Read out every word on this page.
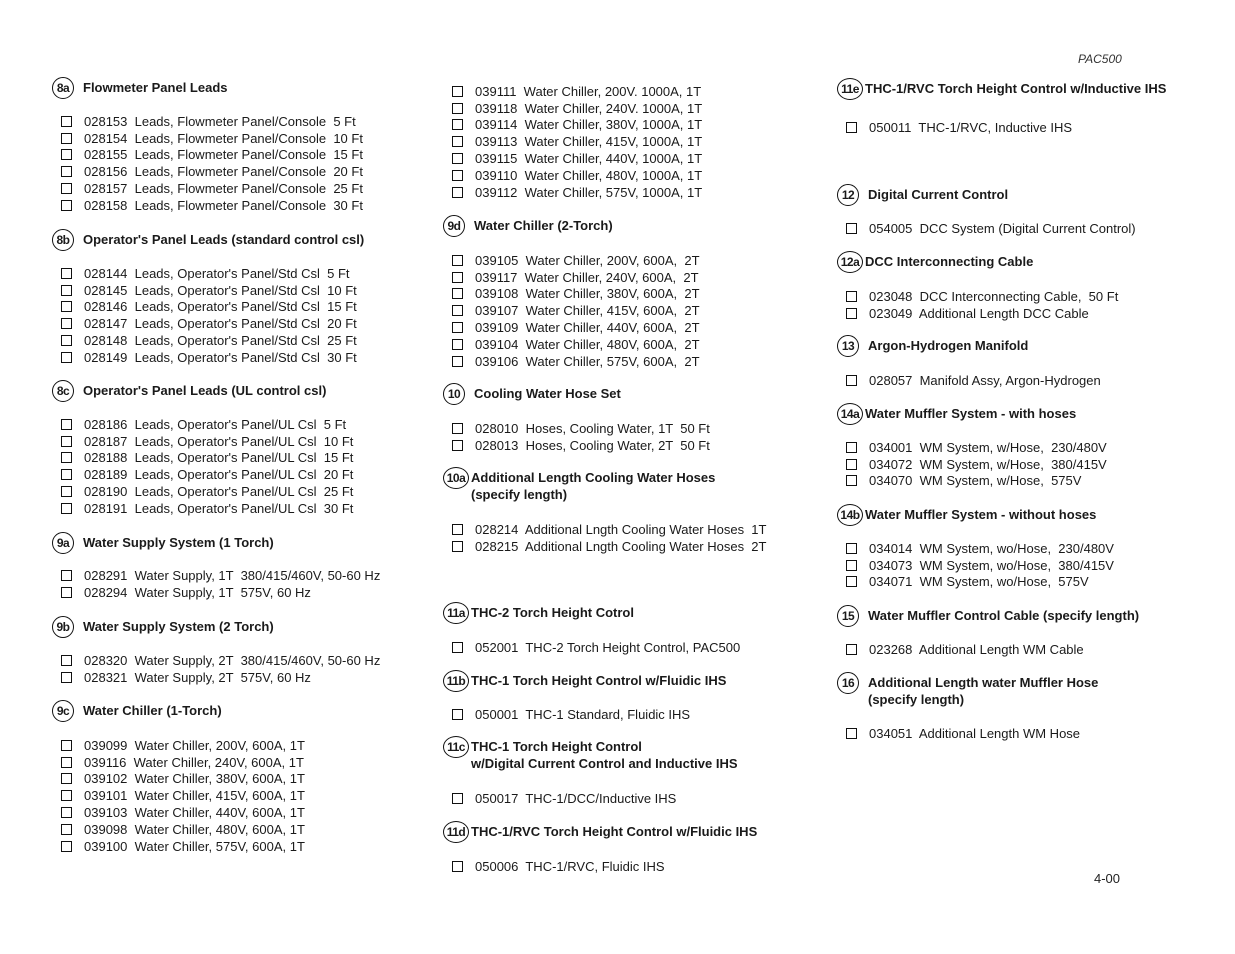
PAC500
8a	Flowmeter Panel Leads
028153  Leads, Flowmeter Panel/Console  5 Ft
028154  Leads, Flowmeter Panel/Console  10 Ft
028155  Leads, Flowmeter Panel/Console  15 Ft
028156  Leads, Flowmeter Panel/Console  20 Ft
028157  Leads, Flowmeter Panel/Console  25 Ft
028158  Leads, Flowmeter Panel/Console  30 Ft
8b	Operator's Panel Leads (standard control csl)
028144  Leads, Operator's Panel/Std Csl  5 Ft
028145  Leads, Operator's Panel/Std Csl  10 Ft
028146  Leads, Operator's Panel/Std Csl  15 Ft
028147  Leads, Operator's Panel/Std Csl  20 Ft
028148  Leads, Operator's Panel/Std Csl  25 Ft
028149  Leads, Operator's Panel/Std Csl  30 Ft
8c	Operator's Panel Leads (UL control csl)
028186  Leads, Operator's Panel/UL Csl  5 Ft
028187  Leads, Operator's Panel/UL Csl  10 Ft
028188  Leads, Operator's Panel/UL Csl  15 Ft
028189  Leads, Operator's Panel/UL Csl  20 Ft
028190  Leads, Operator's Panel/UL Csl  25 Ft
028191  Leads, Operator's Panel/UL Csl  30 Ft
9a	Water Supply System (1 Torch)
028291  Water Supply, 1T  380/415/460V, 50-60 Hz
028294  Water Supply, 1T  575V, 60 Hz
9b	Water Supply System (2 Torch)
028320  Water Supply, 2T  380/415/460V, 50-60 Hz
028321  Water Supply, 2T  575V, 60 Hz
9c	Water Chiller (1-Torch)
039099  Water Chiller, 200V, 600A, 1T
039116  Water Chiller, 240V, 600A, 1T
039102  Water Chiller, 380V, 600A, 1T
039101  Water Chiller, 415V, 600A, 1T
039103  Water Chiller, 440V, 600A, 1T
039098  Water Chiller, 480V, 600A, 1T
039100  Water Chiller, 575V, 600A, 1T
039111  Water Chiller, 200V. 1000A, 1T
039118  Water Chiller, 240V. 1000A, 1T
039114  Water Chiller, 380V, 1000A, 1T
039113  Water Chiller, 415V, 1000A, 1T
039115  Water Chiller, 440V, 1000A, 1T
039110  Water Chiller, 480V, 1000A, 1T
039112  Water Chiller, 575V, 1000A, 1T
9d	Water Chiller (2-Torch)
039105  Water Chiller, 200V, 600A,  2T
039117  Water Chiller, 240V, 600A,  2T
039108  Water Chiller, 380V, 600A,  2T
039107  Water Chiller, 415V, 600A,  2T
039109  Water Chiller, 440V, 600A,  2T
039104  Water Chiller, 480V, 600A,  2T
039106  Water Chiller, 575V, 600A,  2T
10	Cooling Water Hose Set
028010  Hoses, Cooling Water, 1T  50 Ft
028013  Hoses, Cooling Water, 2T  50 Ft
10a Additional Length Cooling Water Hoses
(specify length)
028214  Additional Lngth Cooling Water Hoses  1T
028215  Additional Lngth Cooling Water Hoses  2T
11a THC-2 Torch Height Cotrol
052001  THC-2 Torch Height Control, PAC500
11b THC-1 Torch Height Control w/Fluidic IHS
050001  THC-1 Standard, Fluidic IHS
11c THC-1 Torch Height Control
w/Digital Current Control and Inductive IHS
050017  THC-1/DCC/Inductive IHS
11d THC-1/RVC Torch Height Control w/Fluidic IHS
050006  THC-1/RVC, Fluidic IHS
11e THC-1/RVC Torch Height Control w/Inductive IHS
050011  THC-1/RVC, Inductive IHS
12	Digital Current Control
054005  DCC System (Digital Current Control)
12a DCC Interconnecting Cable
023048  DCC Interconnecting Cable,  50 Ft
023049  Additional Length DCC Cable
13	Argon-Hydrogen Manifold
028057  Manifold Assy, Argon-Hydrogen
14a Water Muffler System - with hoses
034001  WM System, w/Hose,  230/480V
034072  WM System, w/Hose,  380/415V
034070  WM System, w/Hose,  575V
14b Water Muffler System - without hoses
034014  WM System, wo/Hose,  230/480V
034073  WM System, wo/Hose,  380/415V
034071  WM System, wo/Hose,  575V
15	Water Muffler Control Cable (specify length)
023268  Additional Length WM Cable
16	Additional Length water Muffler Hose
(specify length)
034051  Additional Length WM Hose
4-00
